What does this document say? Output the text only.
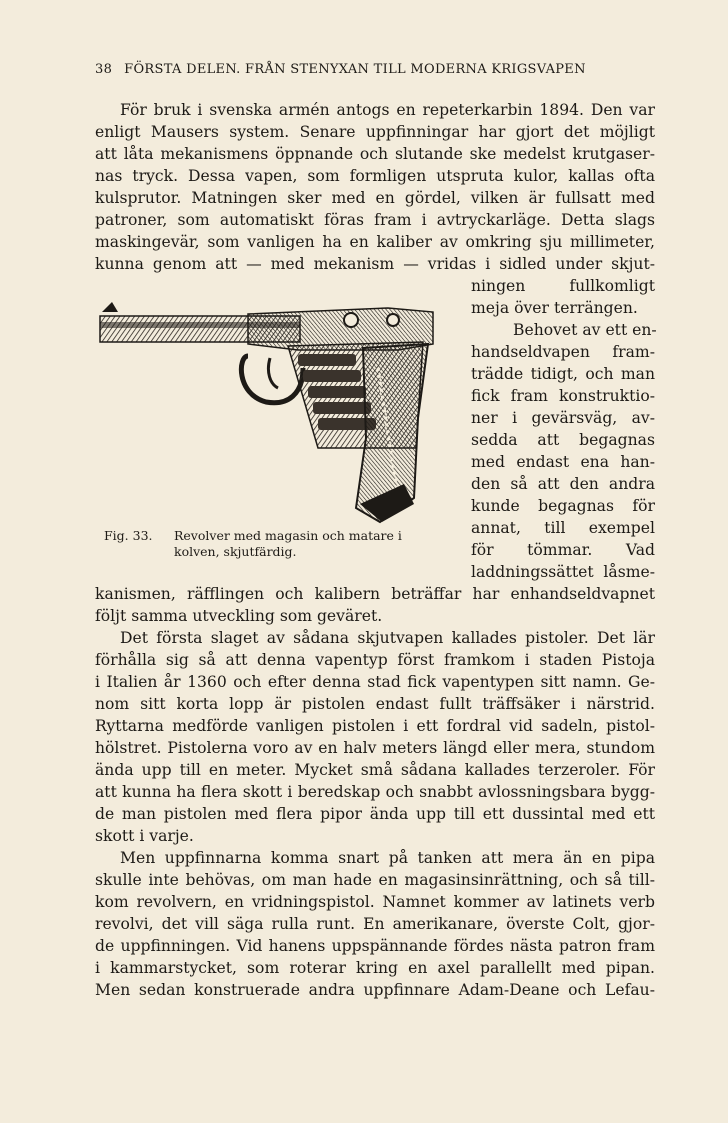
38 FÖRSTA DELEN. FRÅN STENYXAN TILL MODERNA KRIGSVAPEN
För bruk i svenska armén antogs en repeterkarbin 1894. Den var
enligt Mausers system. Senare uppfinningar har gjort det möjligt
att låta mekanismens öppnande och slutande ske medelst krutgaser-
nas tryck. Dessa vapen, som formligen utspruta kulor, kallas ofta
kulsprutor. Matningen sker med en gördel, vilken är fullsatt med
patroner, som automatiskt föras fram i avtryckarläge. Detta slags
maskingevär, som vanligen ha en kaliber av omkring sju millimeter,
kunna genom att — med mekanism — vridas i sidled under skjut-
ningen fullkomligt
meja över terrängen.
Behovet av ett en-
handseldvapen fram-
trädde tidigt, och man
fick fram konstruktio-
ner i gevärsväg, av-
sedda att begagnas
med endast ena han-
den så att den andra
kunde begagnas för
annat, till exempel
för tömmar. Vad
laddningssättet låsme-
Fig. 33. Revolver med magasin och matare i
kolven, skjutfärdig.
kanismen, räfflingen och kalibern beträffar har enhandseldvapnet
följt samma utveckling som geväret.
Det första slaget av sådana skjutvapen kallades pistoler. Det lär
förhålla sig så att denna vapentyp först framkom i staden Pistoja
i Italien år 1360 och efter denna stad fick vapentypen sitt namn. Ge-
nom sitt korta lopp är pistolen endast fullt träffsäker i närstrid.
Ryttarna medförde vanligen pistolen i ett fordral vid sadeln, pistol-
hölstret. Pistolerna voro av en halv meters längd eller mera, stundom
ända upp till en meter. Mycket små sådana kallades terzeroler. För
att kunna ha flera skott i beredskap och snabbt avlossningsbara bygg-
de man pistolen med flera pipor ända upp till ett dussintal med ett
skott i varje.
Men uppfinnarna komma snart på tanken att mera än en pipa
skulle inte behövas, om man hade en magasinsinrättning, och så till-
kom revolvern, en vridningspistol. Namnet kommer av latinets verb
revolvi, det vill säga rulla runt. En amerikanare, överste Colt, gjor-
de uppfinningen. Vid hanens uppspännande fördes nästa patron fram
i kammarstycket, som roterar kring en axel parallellt med pipan.
Men sedan konstruerade andra uppfinnare Adam-Deane och Lefau-
